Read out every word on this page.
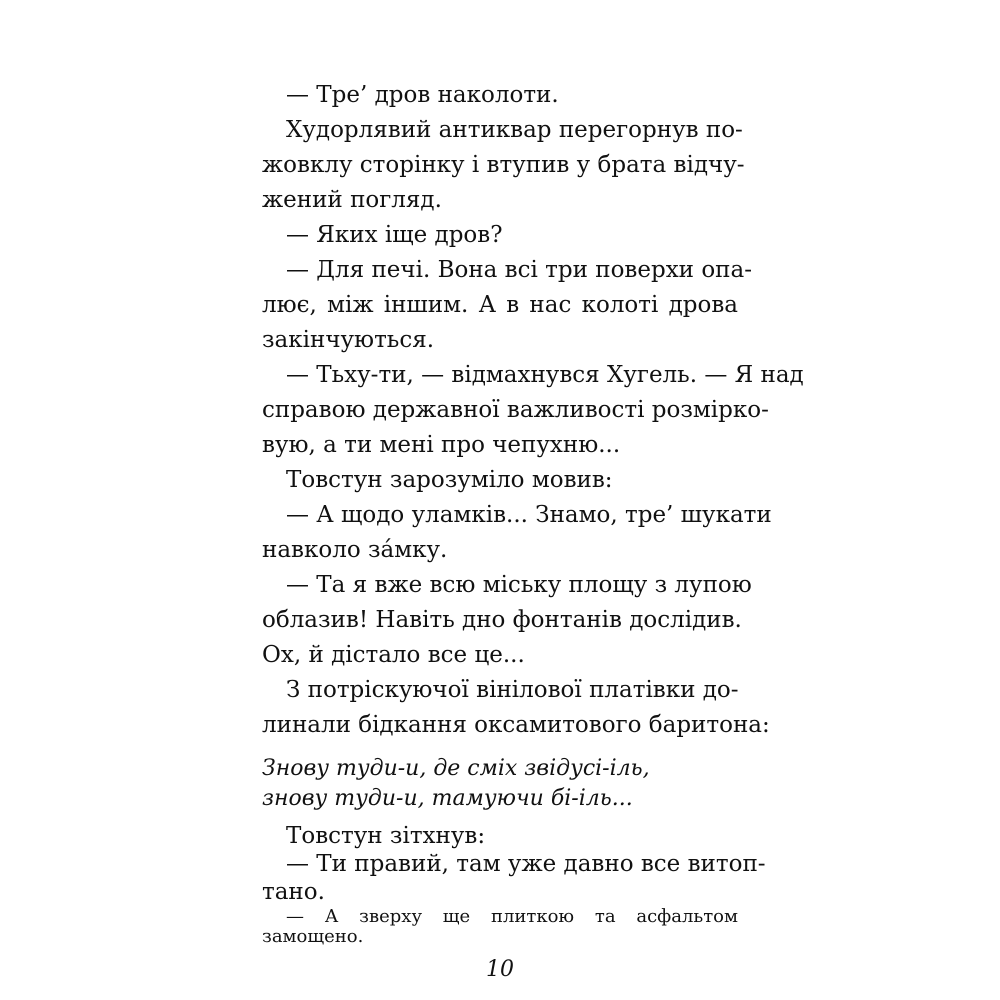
— Тре’ дров наколоти.

Худорлявий антиквар перегорнув по-

жовклу сторінку і втупив у брата відчу-

жений погляд.

— Яких іще дров?

— Для печі. Вона всі три поверхи опа-

лює, між іншим. А в нас колоті дрова

закінчуються.

— Тьху-ти, — відмахнувся Хугель. — Я над

справою державної важливості розмірко-

вую, а ти мені про чепухню...

Товстун зарозуміло мовив:

— А щодо уламків... Знамо, тре’ шукати

навколо за́мку.

— Та я вже всю міську площу з лупою

облазив! Навіть дно фонтанів дослідив.

Ох, й дістало все це...

З потріскуючої вінілової платівки до-

линали бідкання оксамитового баритона:

Знову туди-и, де сміх звідусі-іль,

знову туди-и, тамуючи бі-іль...

Товстун зітхнув:

— Ти правий, там уже давно все витоп-

тано.

10

— А зверху ще плиткою та асфальтом

замощено.
